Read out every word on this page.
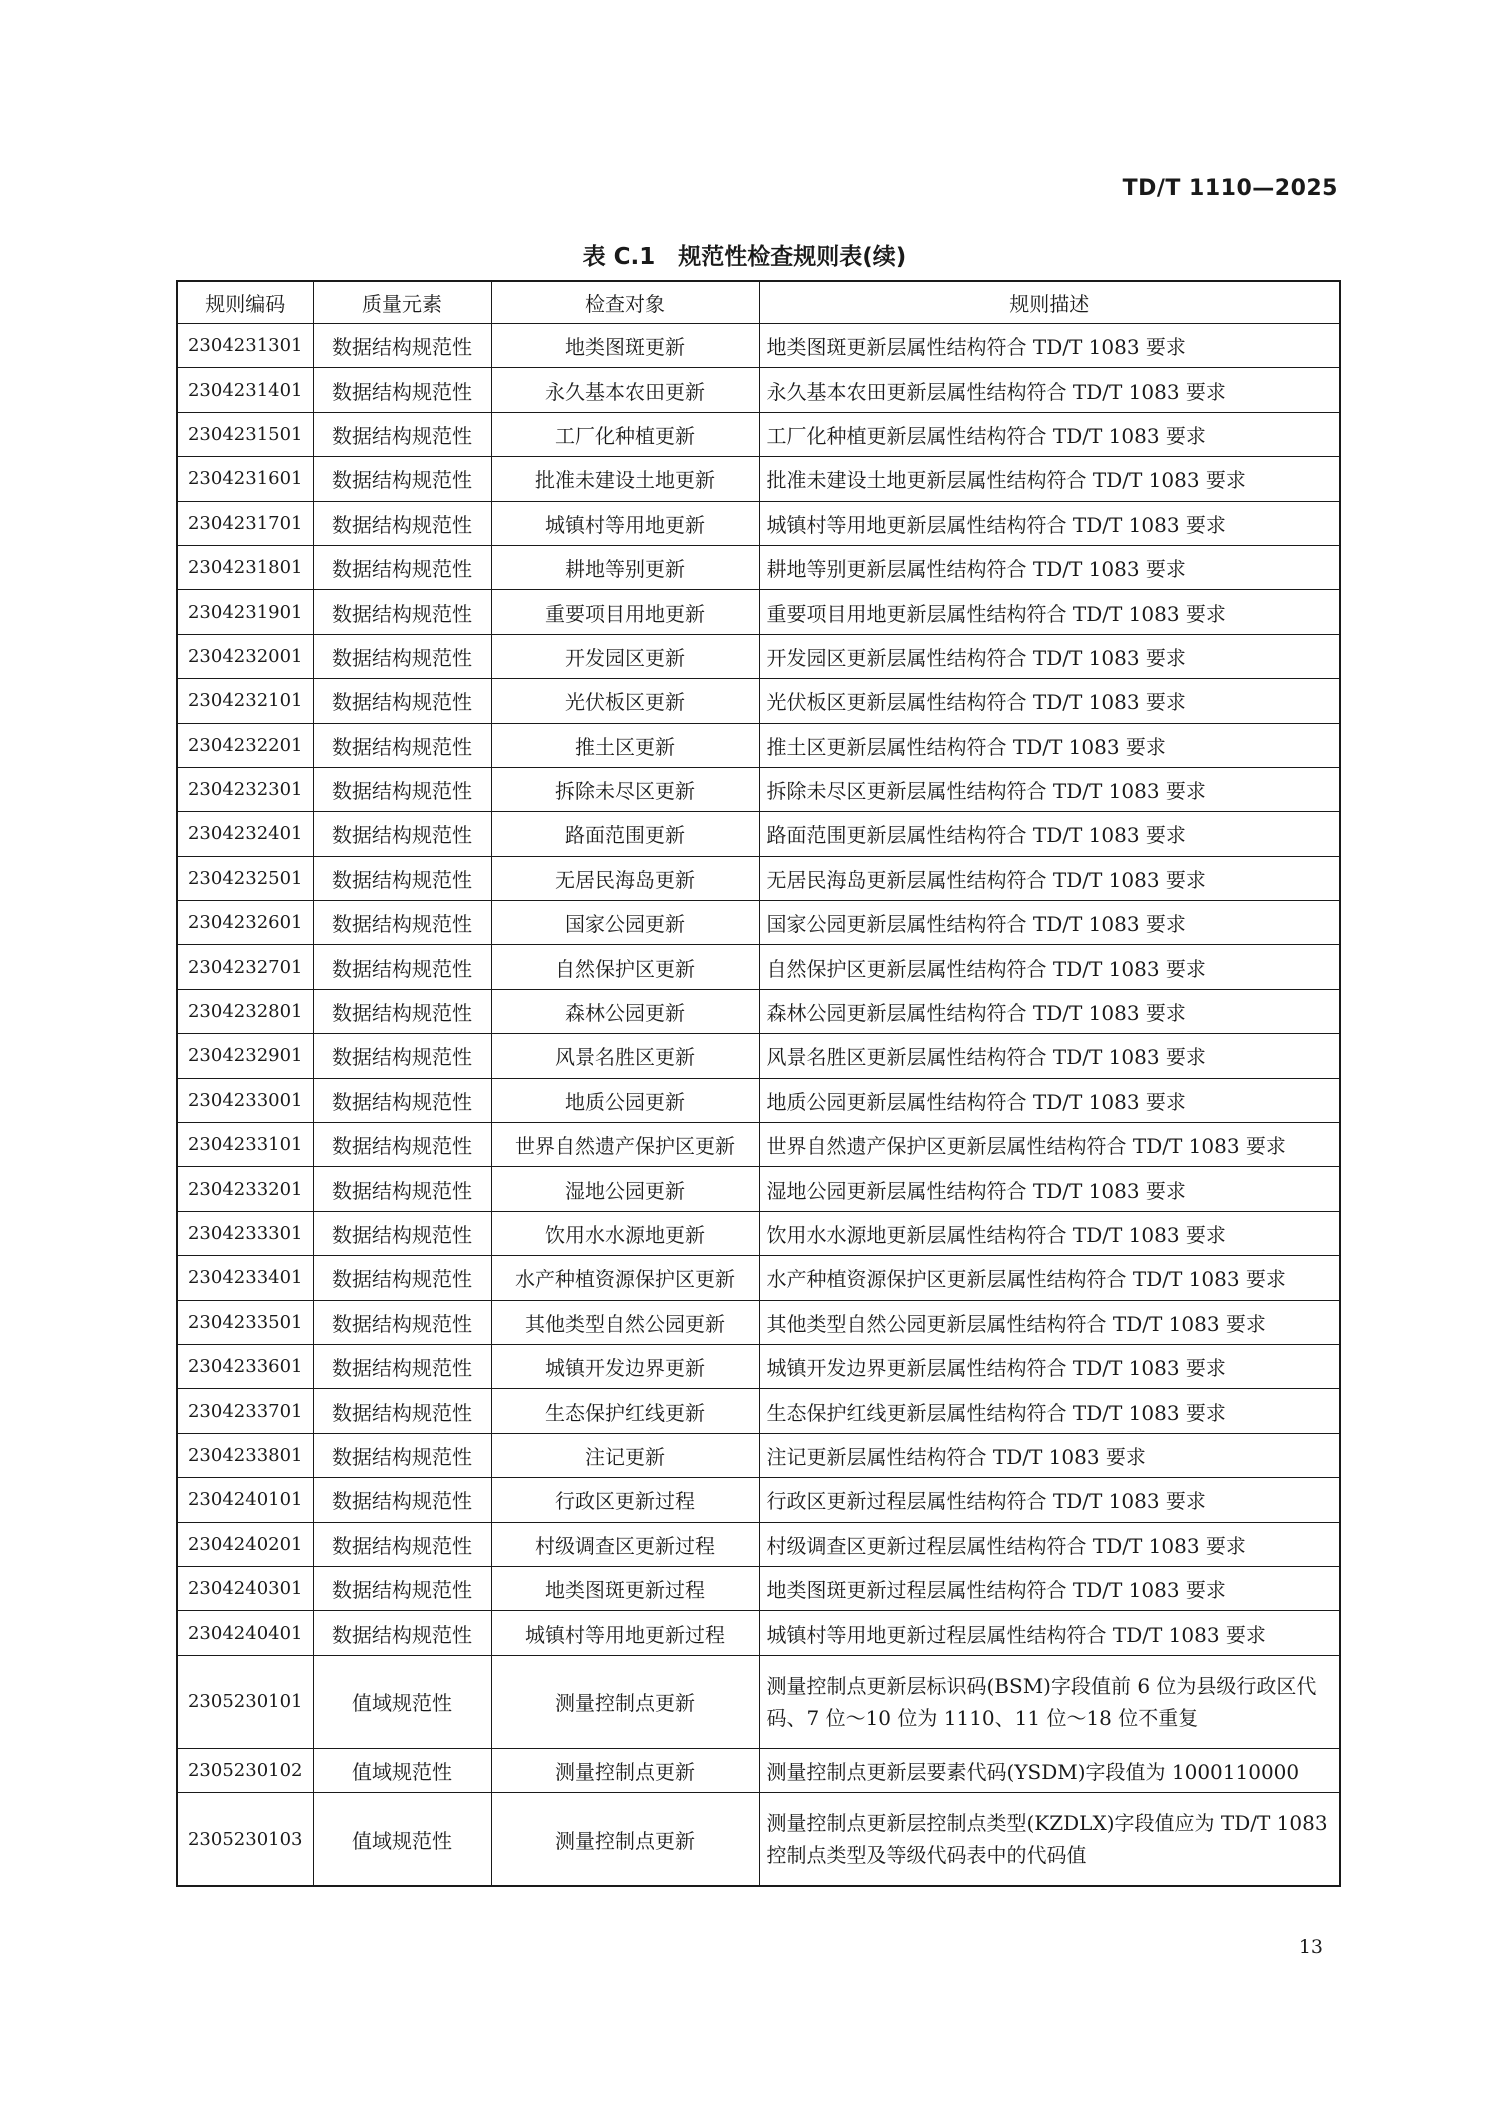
TD/T 1110—2025
表 C.1　规范性检查规则表(续)
规则编码	质量元素	检查对象	规则描述
2304231301	数据结构规范性	地类图斑更新	地类图斑更新层属性结构符合 TD/T 1083 要求
2304231401	数据结构规范性	永久基本农田更新	永久基本农田更新层属性结构符合 TD/T 1083 要求
2304231501	数据结构规范性	工厂化种植更新	工厂化种植更新层属性结构符合 TD/T 1083 要求
2304231601	数据结构规范性	批准未建设土地更新	批准未建设土地更新层属性结构符合 TD/T 1083 要求
2304231701	数据结构规范性	城镇村等用地更新	城镇村等用地更新层属性结构符合 TD/T 1083 要求
2304231801	数据结构规范性	耕地等别更新	耕地等别更新层属性结构符合 TD/T 1083 要求
2304231901	数据结构规范性	重要项目用地更新	重要项目用地更新层属性结构符合 TD/T 1083 要求
2304232001	数据结构规范性	开发园区更新	开发园区更新层属性结构符合 TD/T 1083 要求
2304232101	数据结构规范性	光伏板区更新	光伏板区更新层属性结构符合 TD/T 1083 要求
2304232201	数据结构规范性	推土区更新	推土区更新层属性结构符合 TD/T 1083 要求
2304232301	数据结构规范性	拆除未尽区更新	拆除未尽区更新层属性结构符合 TD/T 1083 要求
2304232401	数据结构规范性	路面范围更新	路面范围更新层属性结构符合 TD/T 1083 要求
2304232501	数据结构规范性	无居民海岛更新	无居民海岛更新层属性结构符合 TD/T 1083 要求
2304232601	数据结构规范性	国家公园更新	国家公园更新层属性结构符合 TD/T 1083 要求
2304232701	数据结构规范性	自然保护区更新	自然保护区更新层属性结构符合 TD/T 1083 要求
2304232801	数据结构规范性	森林公园更新	森林公园更新层属性结构符合 TD/T 1083 要求
2304232901	数据结构规范性	风景名胜区更新	风景名胜区更新层属性结构符合 TD/T 1083 要求
2304233001	数据结构规范性	地质公园更新	地质公园更新层属性结构符合 TD/T 1083 要求
2304233101	数据结构规范性	世界自然遗产保护区更新	世界自然遗产保护区更新层属性结构符合 TD/T 1083 要求
2304233201	数据结构规范性	湿地公园更新	湿地公园更新层属性结构符合 TD/T 1083 要求
2304233301	数据结构规范性	饮用水水源地更新	饮用水水源地更新层属性结构符合 TD/T 1083 要求
2304233401	数据结构规范性	水产种植资源保护区更新	水产种植资源保护区更新层属性结构符合 TD/T 1083 要求
2304233501	数据结构规范性	其他类型自然公园更新	其他类型自然公园更新层属性结构符合 TD/T 1083 要求
2304233601	数据结构规范性	城镇开发边界更新	城镇开发边界更新层属性结构符合 TD/T 1083 要求
2304233701	数据结构规范性	生态保护红线更新	生态保护红线更新层属性结构符合 TD/T 1083 要求
2304233801	数据结构规范性	注记更新	注记更新层属性结构符合 TD/T 1083 要求
2304240101	数据结构规范性	行政区更新过程	行政区更新过程层属性结构符合 TD/T 1083 要求
2304240201	数据结构规范性	村级调查区更新过程	村级调查区更新过程层属性结构符合 TD/T 1083 要求
2304240301	数据结构规范性	地类图斑更新过程	地类图斑更新过程层属性结构符合 TD/T 1083 要求
2304240401	数据结构规范性	城镇村等用地更新过程	城镇村等用地更新过程层属性结构符合 TD/T 1083 要求
2305230101	值域规范性	测量控制点更新	测量控制点更新层标识码(BSM)字段值前 6 位为县级行政区代码、7 位～10 位为 1110、11 位～18 位不重复
2305230102	值域规范性	测量控制点更新	测量控制点更新层要素代码(YSDM)字段值为 1000110000
2305230103	值域规范性	测量控制点更新	测量控制点更新层控制点类型(KZDLX)字段值应为 TD/T 1083 控制点类型及等级代码表中的代码值
13
